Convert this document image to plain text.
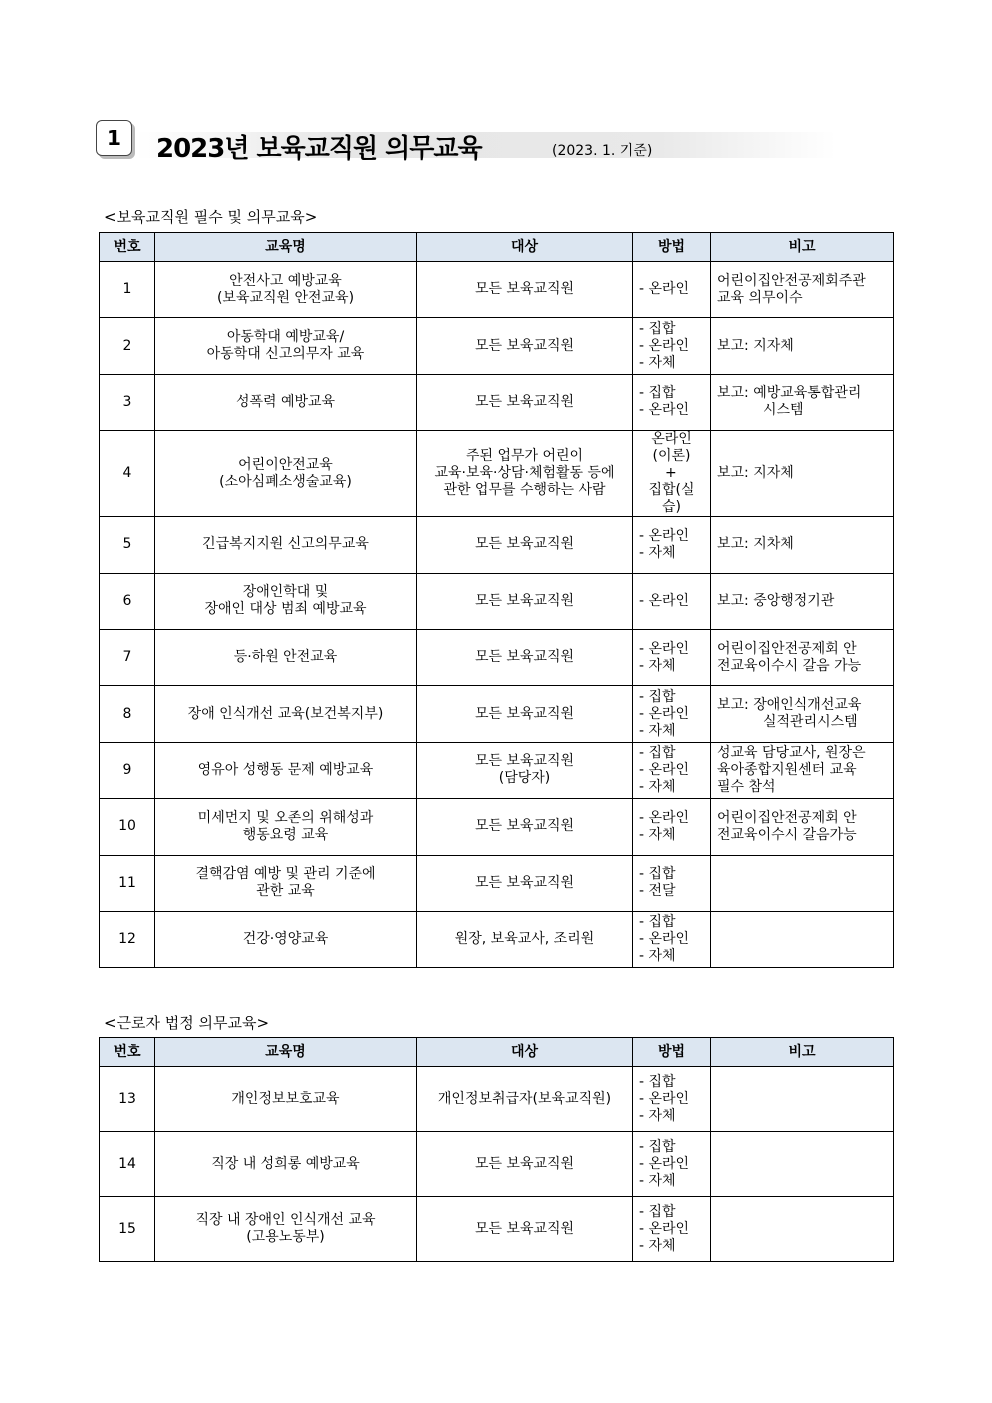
1	2023년 보육교직원 의무교육	(2023. 1. 기준)
<보육교직원 필수 및 의무교육>
번호	교육명	대상	방법	비고
1	안전사고 예방교육
(보육교직원 안전교육)	모든 보육교직원	- 온라인	어린이집안전공제회주관
교육 의무이수

2	아동학대 예방교육/
아동학대 신고의무자 교육	모든 보육교직원	- 집합
- 온라인
- 자체	보고: 지자체

3	성폭력 예방교육	모든 보육교직원	- 집합
- 온라인	보고: 예방교육통합관리
시스템

4	어린이안전교육
(소아심폐소생술교육)	주된 업무가 어린이
교육·보육·상담·체험활동 등에
관한 업무를 수행하는 사람	온라인
(이론)
+
집합(실습)	보고: 지자체

5	긴급복지지원 신고의무교육	모든 보육교직원	- 온라인
- 자체	보고: 지차체

6	장애인학대 및
장애인 대상 범죄 예방교육	모든 보육교직원	- 온라인	보고: 중앙행정기관

7	등·하원 안전교육	모든 보육교직원	- 온라인
- 자체	어린이집안전공제회 안
전교육이수시 갈음 가능

8	장애 인식개선 교육(보건복지부)	모든 보육교직원	- 집합
- 온라인
- 자체	보고: 장애인식개선교육
실적관리시스템

9	영유아 성행동 문제 예방교육	모든 보육교직원
(담당자)	- 집합
- 온라인
- 자체	성교육 담당교사, 원장은
육아종합지원센터 교육
필수 참석

10	미세먼지 및 오존의 위해성과
행동요령 교육	모든 보육교직원	- 온라인
- 자체	어린이집안전공제회 안
전교육이수시 갈음가능

11	결핵감염 예방 및 관리 기준에
관한 교육	모든 보육교직원	- 집합
- 전달	

12	건강·영양교육	원장, 보육교사, 조리원	- 집합
- 온라인
- 자체	

<근로자 법정 의무교육>
번호	교육명	대상	방법	비고
13	개인정보보호교육	개인정보취급자(보육교직원)	- 집합
- 온라인
- 자체	

14	직장 내 성희롱 예방교육	모든 보육교직원	- 집합
- 온라인
- 자체	

15	직장 내 장애인 인식개선 교육
(고용노동부)	모든 보육교직원	- 집합
- 온라인
- 자체	
